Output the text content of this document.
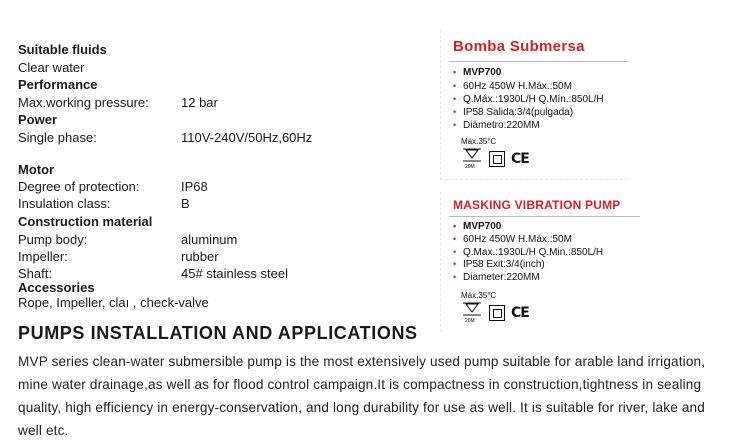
Suitable fluids
Clear water
Performance
Max.working pressure: 12 bar
Power
Single phase:	110V-240V/50Hz,60Hz
Motor
Degree of protection:	IP68
Insulation class:	B
Construction material
Pump body:	aluminum
Impeller:	rubber
Shaft:	45# stainless steel
Accessories
Rope, Impeller, claı , check-valve
Bomba Submersa
• MVP700
• 60Hz 450W H.Máx.:50M
• Q.Máx.:1930L/H Q.Mín.:850L/H
• IP58 Salida:3/4(pulgada)
• Diámetro:220MM
Máx.35°C
20M	CE
MASKING VIBRATION PUMP
• MVP700
• 60Hz 450W H.Máx.:50M
• Q.Max.:1930L/H Q.Min.:850L/H
• IP58 Exit:3/4(inch)
• Diameter:220MM
Máx.35°C
20M	CE
PUMPS INSTALLATION AND APPLICATIONS
MVP series clean-water submersible pump is the most extensively used pump suitable for arable land irrigation, mine water drainage,as well as for flood control campaign.It is compactness in construction,tightness in sealing quality, high efficiency in energy-conservation, and long durability for use as well. It is suitable for river, lake and well etc.
